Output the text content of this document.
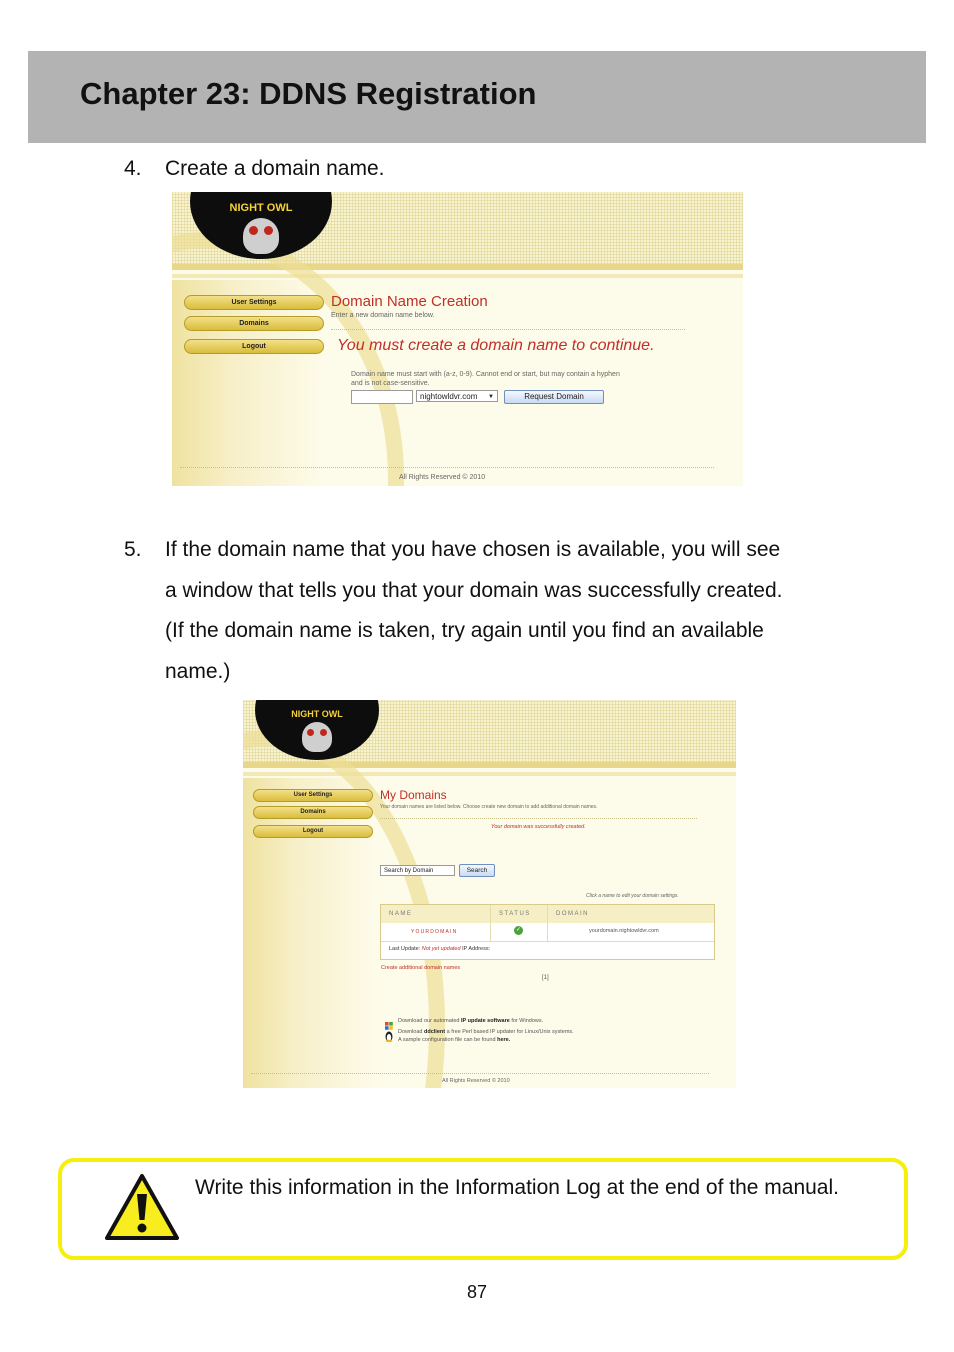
Chapter 23: DDNS Registration
4. Create a domain name.
NIGHT OWL
User Settings
Domains
Logout
Domain Name Creation
Enter a new domain name below.
You must create a domain name to continue.
Domain name must start with (a-z, 0-9). Cannot end or start, but may contain a hyphen
and is not case-sensitive.
nightowldvr.com ▼	Request Domain
All Rights Reserved © 2010
5. If the domain name that you have chosen is available, you will see
a window that tells you that your domain was successfully created.
(If the domain name is taken, try again until you find an available
name.)
NIGHT OWL
User Settings
Domains
Logout
My Domains
Your domain names are listed below. Choose create new domain to add additional domain names.
Your domain was successfully created.
Search by Domain	Search
Click a name to edit your domain settings.
NAME	STATUS	DOMAIN
YOURDOMAIN	✓	yourdomain.nightowldvr.com
Last Update: Not yet updated IP Address:
Create additional domain names
[1]
Download our automated IP update software for Windows.
Download ddclient a free Perl based IP updater for Linux/Unix systems.
A sample configuration file can be found here.
All Rights Reserved © 2010
Write this information in the Information Log at the end of the manual.
87
